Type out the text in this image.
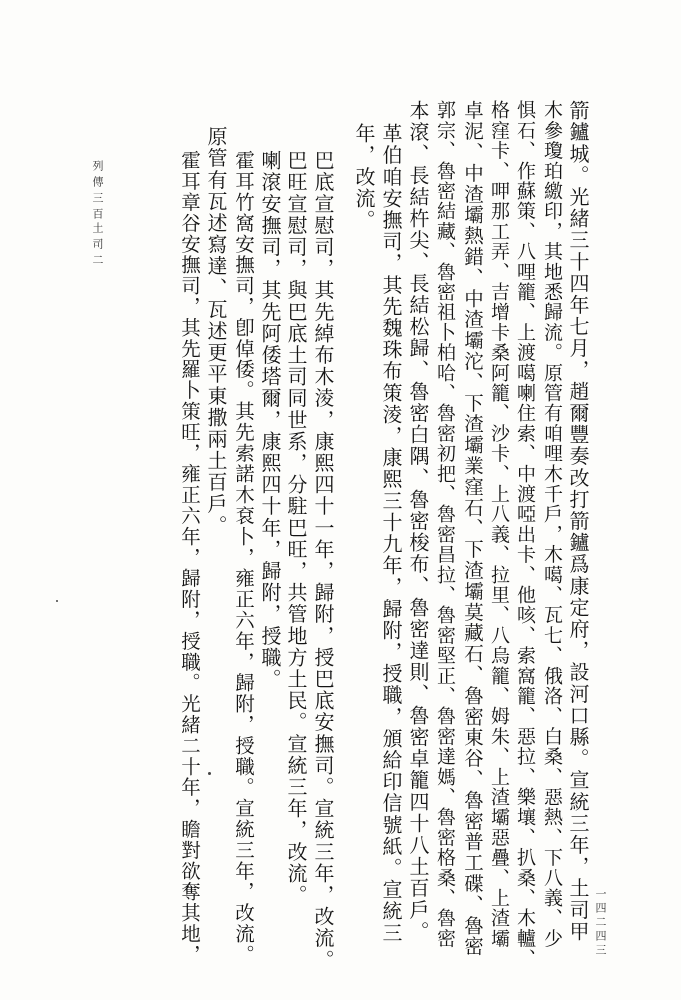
一四二四三
列傳三百
土司二	箭鑪城。光緒三十四年七月，趙爾豐奏改打箭鑪爲康定府，設河口縣。宣統三年，土司甲
木參瓊珀繳印，其地悉歸流。原管有咱哩木千戶，木噶、瓦七、俄洛、白桑、惡熱、下八義、少
惧石、作蘇策、八哩籠、上渡噶喇住索、中渡啞出卡、他咳、索窩籠、惡拉、樂壤、扒桑、木轤、
格窪卡、呷那工弄、吉增卡桑阿籠、沙卡、上八義、拉里、八烏籠、姆朱、上渣壩惡疊、上渣壩
卓泥、中渣壩熱錯、中渣壩沱、下渣壩業窪石、下渣壩莫藏石、魯密東谷、魯密普工碟、魯密
郭宗、魯密結藏、魯密祖卜柏哈、魯密初把、魯密昌拉、魯密堅正、魯密達媽、魯密格桑、魯密
本滾、長結杵尖、長結松歸、魯密白隅、魯密梭布、魯密達則、魯密卓籠四十八土百戶。
革伯咱安撫司，其先魏珠布策淩，康熙三十九年，歸附，授職，頒給印信號紙。宣統三
年，改流。
巴底宣慰司，其先綽布木淩，康熙四十一年，歸附，授巴底安撫司。宣統三年，改流。
巴旺宣慰司，與巴底土司同世系，分駐巴旺，共管地方土民。宣統三年，改流。
喇滾安撫司，其先阿倭塔爾，康熙四十年，歸附，授職。
霍耳竹窩安撫司，卽倬倭。其先索諾木袞卜，雍正六年，歸附，授職。宣統三年，改流。
原管有瓦述寫達、瓦述更平東撒兩土百戶。
霍耳章谷安撫司，其先羅卜策旺，雍正六年，歸附，授職。光緒二十年，瞻對欲奪其地，
